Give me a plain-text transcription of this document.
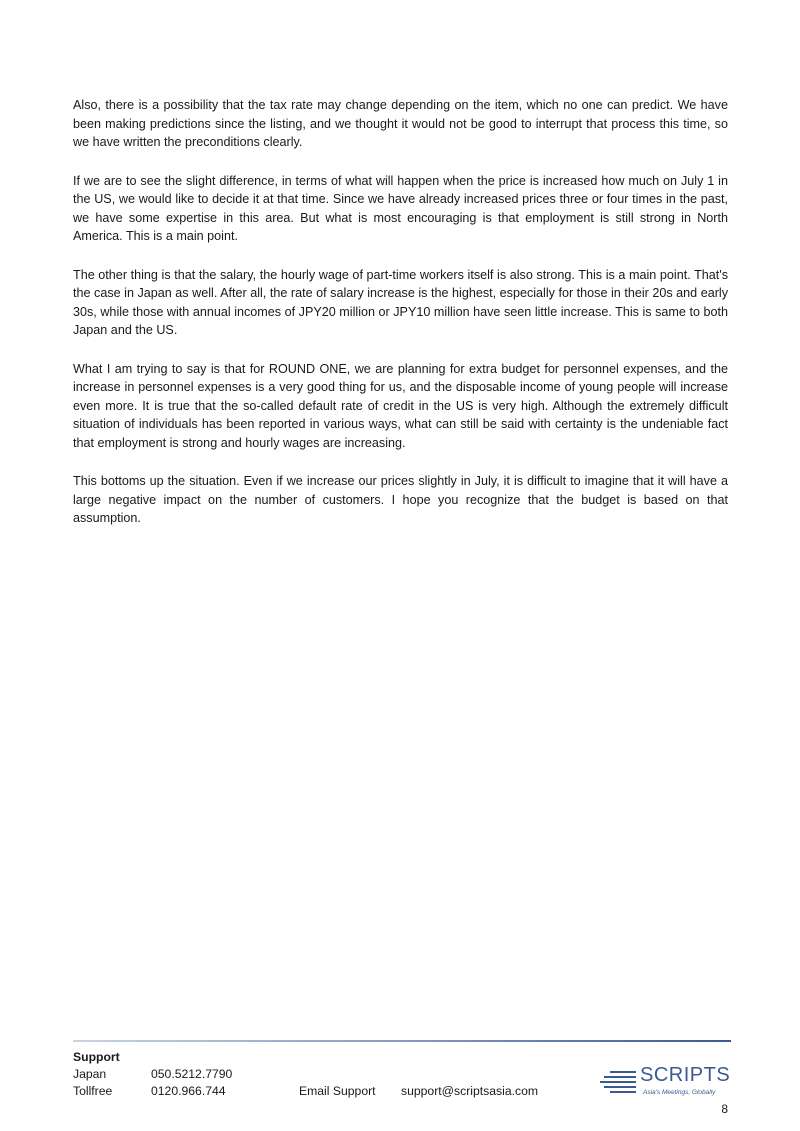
Also, there is a possibility that the tax rate may change depending on the item, which no one can predict. We have been making predictions since the listing, and we thought it would not be good to interrupt that process this time, so we have written the preconditions clearly.

If we are to see the slight difference, in terms of what will happen when the price is increased how much on July 1 in the US, we would like to decide it at that time. Since we have already increased prices three or four times in the past, we have some expertise in this area. But what is most encouraging is that employment is still strong in North America. This is a main point.

The other thing is that the salary, the hourly wage of part-time workers itself is also strong. This is a main point. That's the case in Japan as well. After all, the rate of salary increase is the highest, especially for those in their 20s and early 30s, while those with annual incomes of JPY20 million or JPY10 million have seen little increase. This is same to both Japan and the US.

What I am trying to say is that for ROUND ONE, we are planning for extra budget for personnel expenses, and the increase in personnel expenses is a very good thing for us, and the disposable income of young people will increase even more. It is true that the so-called default rate of credit in the US is very high. Although the extremely difficult situation of individuals has been reported in various ways, what can still be said with certainty is the undeniable fact that employment is strong and hourly wages are increasing.

This bottoms up the situation. Even if we increase our prices slightly in July, it is difficult to imagine that it will have a large negative impact on the number of customers. I hope you recognize that the budget is based on that assumption.

Support
Japan	050.5212.7790
Tollfree	0120.966.744	Email Support support@scriptsasia.com
SCRIPTS
Asia's Meetings, Globally
8
